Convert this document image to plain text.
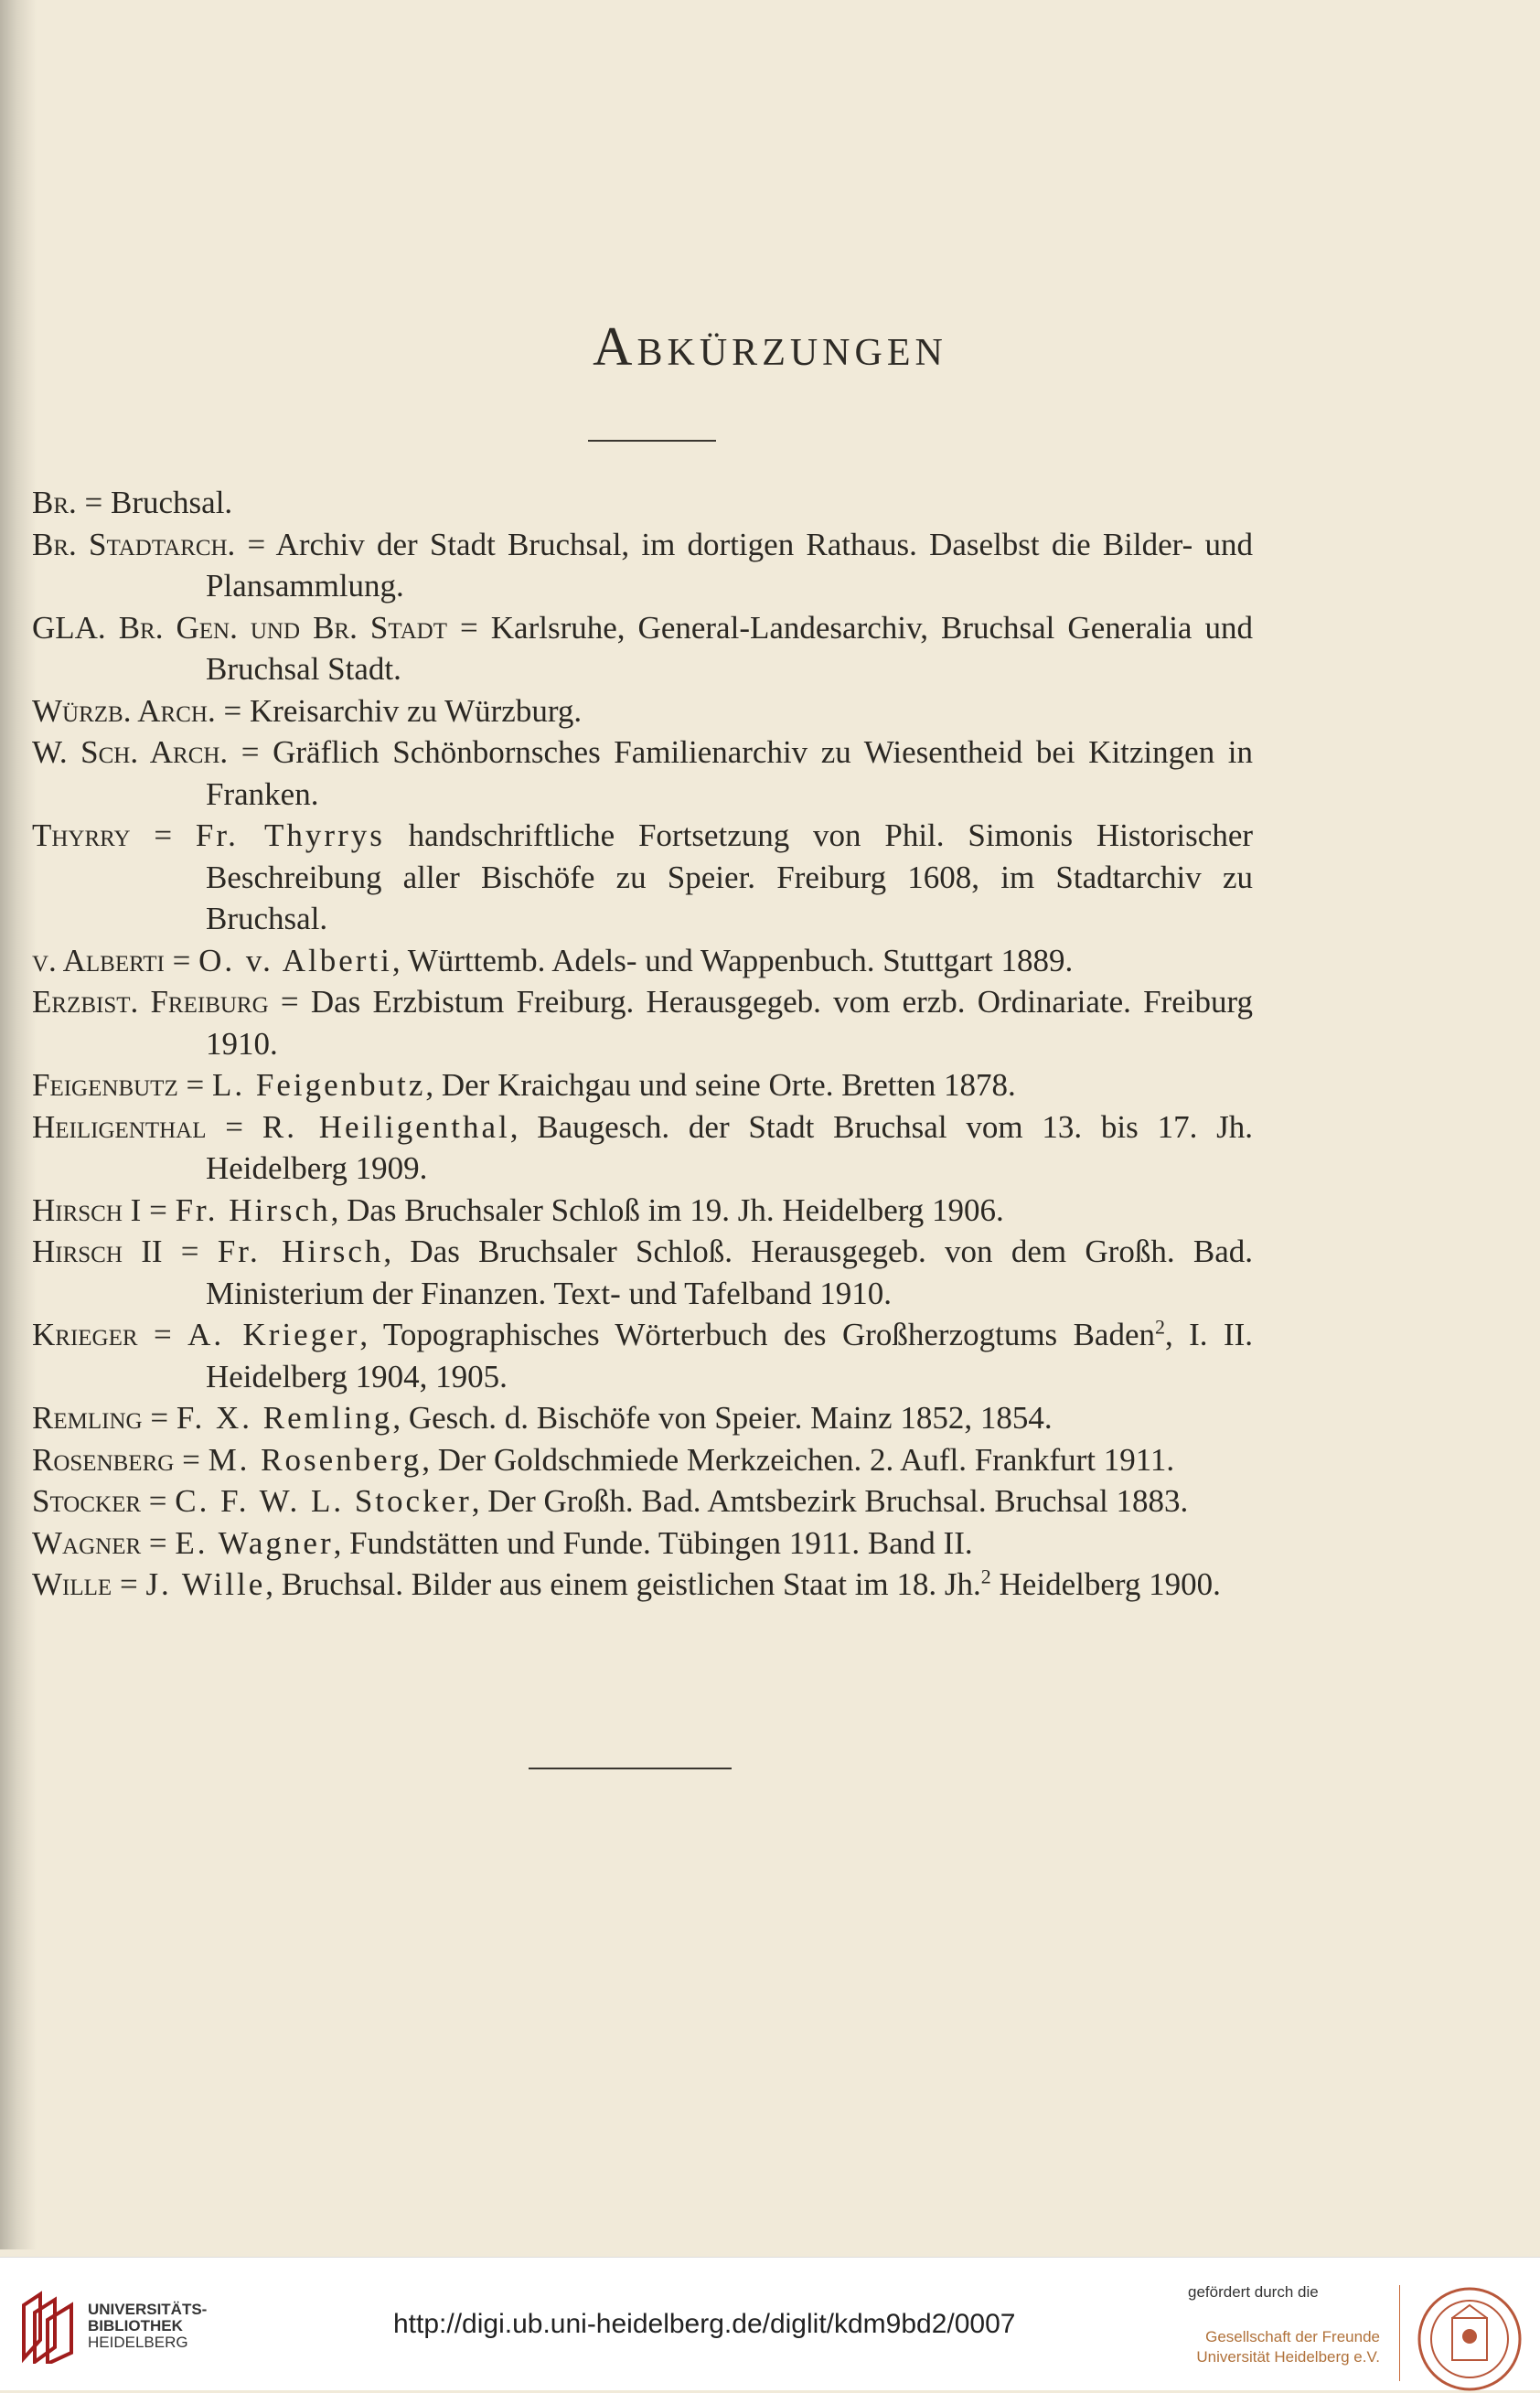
Abkürzungen
Br. = Bruchsal.
Br. Stadtarch. = Archiv der Stadt Bruchsal, im dortigen Rathaus. Daselbst die Bilder- und Plansammlung.
GLA. Br. Gen. und Br. Stadt = Karlsruhe, General-Landesarchiv, Bruchsal Generalia und Bruchsal Stadt.
Würzb. Arch. = Kreisarchiv zu Würzburg.
W. Sch. Arch. = Gräflich Schönbornsches Familienarchiv zu Wiesentheid bei Kitzingen in Franken.
Thyrry = Fr. Thyrrys handschriftliche Fortsetzung von Phil. Simonis Historischer Beschreibung aller Bischöfe zu Speier. Freiburg 1608, im Stadtarchiv zu Bruchsal.
v. Alberti = O. v. Alberti, Württemb. Adels- und Wappenbuch. Stuttgart 1889.
Erzbist. Freiburg = Das Erzbistum Freiburg. Herausgegeb. vom erzb. Ordinariate. Freiburg 1910.
Feigenbutz = L. Feigenbutz, Der Kraichgau und seine Orte. Bretten 1878.
Heiligenthal = R. Heiligenthal, Baugesch. der Stadt Bruchsal vom 13. bis 17. Jh. Heidelberg 1909.
Hirsch I = Fr. Hirsch, Das Bruchsaler Schloß im 19. Jh. Heidelberg 1906.
Hirsch II = Fr. Hirsch, Das Bruchsaler Schloß. Herausgegeb. von dem Großh. Bad. Ministerium der Finanzen. Text- und Tafelband 1910.
Krieger = A. Krieger, Topographisches Wörterbuch des Großherzogtums Baden$^2$, I. II. Heidelberg 1904, 1905.
Remling = F. X. Remling, Gesch. d. Bischöfe von Speier. Mainz 1852, 1854.
Rosenberg = M. Rosenberg, Der Goldschmiede Merkzeichen. 2. Aufl. Frankfurt 1911.
Stocker = C. F. W. L. Stocker, Der Großh. Bad. Amtsbezirk Bruchsal. Bruchsal 1883.
Wagner = E. Wagner, Fundstätten und Funde. Tübingen 1911. Band II.
Wille = J. Wille, Bruchsal. Bilder aus einem geistlichen Staat im 18. Jh.$^2$ Heidelberg 1900.
UNIVERSITÄTS-
BIBLIOTHEK
HEIDELBERG
http://digi.ub.uni-heidelberg.de/diglit/kdm9bd2/0007
gefördert durch die
Gesellschaft der Freunde
Universität Heidelberg e.V.
